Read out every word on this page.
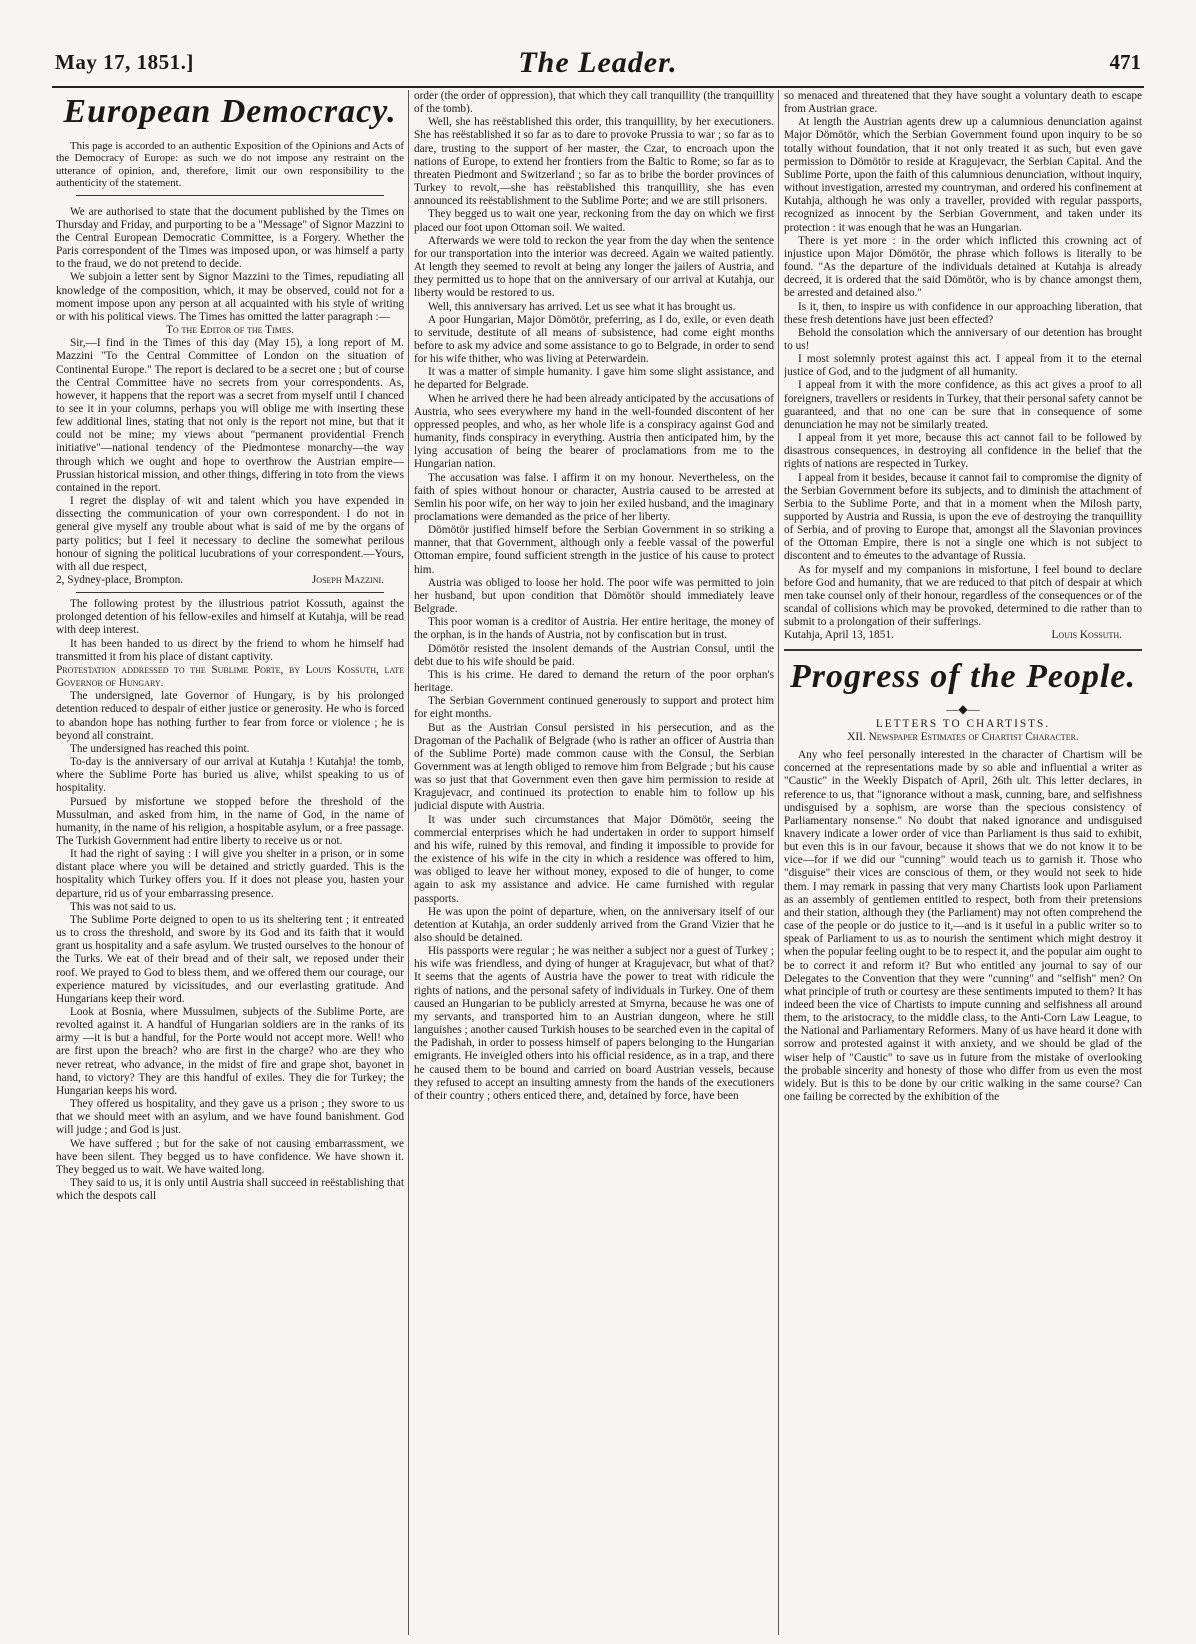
May 17, 1851.]	The Leader.	471
European Democracy.

This page is accorded to an authentic Exposition of the Opinions and Acts of the Democracy of Europe: as such we do not impose any restraint on the utterance of opinion, and, therefore, limit our own responsibility to the authenticity of the statement.

We are authorised to state that the document published by the Times on Thursday and Friday, and purporting to be a "Message" of Signor Mazzini to the Central European Democratic Committee, is a Forgery. Whether the Paris correspondent of the Times was imposed upon, or was himself a party to the fraud, we do not pretend to decide.

We subjoin a letter sent by Signor Mazzini to the Times, repudiating all knowledge of the composition, which, it may be observed, could not for a moment impose upon any person at all acquainted with his style of writing or with his political views. The Times has omitted the latter paragraph :—

To the Editor of the Times.

Sir,—I find in the Times of this day (May 15), a long report of M. Mazzini "To the Central Committee of London on the situation of Continental Europe." The report is declared to be a secret one ; but of course the Central Committee have no secrets from your correspondents. As, however, it happens that the report was a secret from myself until I chanced to see it in your columns, perhaps you will oblige me with inserting these few additional lines, stating that not only is the report not mine, but that it could not be mine; my views about "permanent providential French initiative"—national tendency of the Piedmontese monarchy—the way through which we ought and hope to overthrow the Austrian empire—Prussian historical mission, and other things, differing in toto from the views contained in the report.

I regret the display of wit and talent which you have expended in dissecting the communication of your own correspondent. I do not in general give myself any trouble about what is said of me by the organs of party politics; but I feel it necessary to decline the somewhat perilous honour of signing the political lucubrations of your correspondent.—Yours, with all due respect,

2, Sydney-place, Brompton.	Joseph Mazzini.

The following protest by the illustrious patriot Kossuth, against the prolonged detention of his fellow-exiles and himself at Kutahja, will be read with deep interest.

It has been handed to us direct by the friend to whom he himself had transmitted it from his place of distant captivity.

Protestation addressed to the Sublime Porte, by Louis Kossuth, late Governor of Hungary.

The undersigned, late Governor of Hungary, is by his prolonged detention reduced to despair of either justice or generosity. He who is forced to abandon hope has nothing further to fear from force or violence ; he is beyond all constraint.

The undersigned has reached this point.

To-day is the anniversary of our arrival at Kutahja ! Kutahja! the tomb, where the Sublime Porte has buried us alive, whilst speaking to us of hospitality.

Pursued by misfortune we stopped before the threshold of the Mussulman, and asked from him, in the name of God, in the name of humanity, in the name of his religion, a hospitable asylum, or a free passage. The Turkish Government had entire liberty to receive us or not.

It had the right of saying : I will give you shelter in a prison, or in some distant place where you will be detained and strictly guarded. This is the hospitality which Turkey offers you. If it does not please you, hasten your departure, rid us of your embarrassing presence.

This was not said to us.

The Sublime Porte deigned to open to us its sheltering tent ; it entreated us to cross the threshold, and swore by its God and its faith that it would grant us hospitality and a safe asylum. We trusted ourselves to the honour of the Turks. We eat of their bread and of their salt, we reposed under their roof. We prayed to God to bless them, and we offered them our courage, our experience matured by vicissitudes, and our everlasting gratitude. And Hungarians keep their word.

Look at Bosnia, where Mussulmen, subjects of the Sublime Porte, are revolted against it. A handful of Hungarian soldiers are in the ranks of its army —it is but a handful, for the Porte would not accept more. Well! who are first upon the breach? who are first in the charge? who are they who never retreat, who advance, in the midst of fire and grape shot, bayonet in hand, to victory? They are this handful of exiles. They die for Turkey; the Hungarian keeps his word.

They offered us hospitality, and they gave us a prison ; they swore to us that we should meet with an asylum, and we have found banishment. God will judge ; and God is just.

We have suffered ; but for the sake of not causing embarrassment, we have been silent. They begged us to have confidence. We have shown it. They begged us to wait. We have waited long.

They said to us, it is only until Austria shall succeed in reëstablishing that which the despots call

order (the order of oppression), that which they call tranquillity (the tranquillity of the tomb).

Well, she has reëstablished this order, this tranquillity, by her executioners. She has reëstablished it so far as to dare to provoke Prussia to war ; so far as to dare, trusting to the support of her master, the Czar, to encroach upon the nations of Europe, to extend her frontiers from the Baltic to Rome; so far as to threaten Piedmont and Switzerland ; so far as to bribe the border provinces of Turkey to revolt,—she has reëstablished this tranquillity, she has even announced its reëstablishment to the Sublime Porte; and we are still prisoners.

They begged us to wait one year, reckoning from the day on which we first placed our foot upon Ottoman soil. We waited.

Afterwards we were told to reckon the year from the day when the sentence for our transportation into the interior was decreed. Again we waited patiently. At length they seemed to revolt at being any longer the jailers of Austria, and they permitted us to hope that on the anniversary of our arrival at Kutahja, our liberty would be restored to us.

Well, this anniversary has arrived. Let us see what it has brought us.

A poor Hungarian, Major Dömötör, preferring, as I do, exile, or even death to servitude, destitute of all means of subsistence, had come eight months before to ask my advice and some assistance to go to Belgrade, in order to send for his wife thither, who was living at Peterwardein.

It was a matter of simple humanity. I gave him some slight assistance, and he departed for Belgrade.

When he arrived there he had been already anticipated by the accusations of Austria, who sees everywhere my hand in the well-founded discontent of her oppressed peoples, and who, as her whole life is a conspiracy against God and humanity, finds conspiracy in everything. Austria then anticipated him, by the lying accusation of being the bearer of proclamations from me to the Hungarian nation.

The accusation was false. I affirm it on my honour. Nevertheless, on the faith of spies without honour or character, Austria caused to be arrested at Semlin his poor wife, on her way to join her exiled husband, and the imaginary proclamations were demanded as the price of her liberty.

Dömötör justified himself before the Serbian Government in so striking a manner, that that Government, although only a feeble vassal of the powerful Ottoman empire, found sufficient strength in the justice of his cause to protect him.

Austria was obliged to loose her hold. The poor wife was permitted to join her husband, but upon condition that Dömötör should immediately leave Belgrade.

This poor woman is a creditor of Austria. Her entire heritage, the money of the orphan, is in the hands of Austria, not by confiscation but in trust.

Dömötör resisted the insolent demands of the Austrian Consul, until the debt due to his wife should be paid.

This is his crime. He dared to demand the return of the poor orphan's heritage.

The Serbian Government continued generously to support and protect him for eight months.

But as the Austrian Consul persisted in his persecution, and as the Dragoman of the Pachalik of Belgrade (who is rather an officer of Austria than of the Sublime Porte) made common cause with the Consul, the Serbian Government was at length obliged to remove him from Belgrade ; but his cause was so just that that Government even then gave him permission to reside at Kragujevacr, and continued its protection to enable him to follow up his judicial dispute with Austria.

It was under such circumstances that Major Dömötör, seeing the commercial enterprises which he had undertaken in order to support himself and his wife, ruined by this removal, and finding it impossible to provide for the existence of his wife in the city in which a residence was offered to him, was obliged to leave her without money, exposed to die of hunger, to come again to ask my assistance and advice. He came furnished with regular passports.

He was upon the point of departure, when, on the anniversary itself of our detention at Kutahja, an order suddenly arrived from the Grand Vizier that he also should be detained.

His passports were regular ; he was neither a subject nor a guest of Turkey ; his wife was friendless, and dying of hunger at Kragujevacr, but what of that? It seems that the agents of Austria have the power to treat with ridicule the rights of nations, and the personal safety of individuals in Turkey. One of them caused an Hungarian to be publicly arrested at Smyrna, because he was one of my servants, and transported him to an Austrian dungeon, where he still languishes ; another caused Turkish houses to be searched even in the capital of the Padishah, in order to possess himself of papers belonging to the Hungarian emigrants. He inveigled others into his official residence, as in a trap, and there he caused them to be bound and carried on board Austrian vessels, because they refused to accept an insulting amnesty from the hands of the executioners of their country ; others enticed there, and, detained by force, have been

so menaced and threatened that they have sought a voluntary death to escape from Austrian grace.

At length the Austrian agents drew up a calumnious denunciation against Major Dömötör, which the Serbian Government found upon inquiry to be so totally without foundation, that it not only treated it as such, but even gave permission to Dömötör to reside at Kragujevacr, the Serbian Capital. And the Sublime Porte, upon the faith of this calumnious denunciation, without inquiry, without investigation, arrested my countryman, and ordered his confinement at Kutahja, although he was only a traveller, provided with regular passports, recognized as innocent by the Serbian Government, and taken under its protection : it was enough that he was an Hungarian.

There is yet more : in the order which inflicted this crowning act of injustice upon Major Dömötör, the phrase which follows is literally to be found. "As the departure of the individuals detained at Kutahja is already decreed, it is ordered that the said Dömötör, who is by chance amongst them, be arrested and detained also."

Is it, then, to inspire us with confidence in our approaching liberation, that these fresh detentions have just been effected?

Behold the consolation which the anniversary of our detention has brought to us!

I most solemnly protest against this act. I appeal from it to the eternal justice of God, and to the judgment of all humanity.

I appeal from it with the more confidence, as this act gives a proof to all foreigners, travellers or residents in Turkey, that their personal safety cannot be guaranteed, and that no one can be sure that in consequence of some denunciation he may not be similarly treated.

I appeal from it yet more, because this act cannot fail to be followed by disastrous consequences, in destroying all confidence in the belief that the rights of nations are respected in Turkey.

I appeal from it besides, because it cannot fail to compromise the dignity of the Serbian Government before its subjects, and to diminish the attachment of Serbia to the Sublime Porte, and that in a moment when the Milosh party, supported by Austria and Russia, is upon the eve of destroying the tranquillity of Serbia, and of proving to Europe that, amongst all the Slavonian provinces of the Ottoman Empire, there is not a single one which is not subject to discontent and to émeutes to the advantage of Russia.

As for myself and my companions in misfortune, I feel bound to declare before God and humanity, that we are reduced to that pitch of despair at which men take counsel only of their honour, regardless of the consequences or of the scandal of collisions which may be provoked, determined to die rather than to submit to a prolongation of their sufferings.

Kutahja, April 13, 1851.	Louis Kossuth.
Progress of the People.
—◆—

LETTERS TO CHARTISTS.

XII. Newspaper Estimates of Chartist Character.

Any who feel personally interested in the character of Chartism will be concerned at the representations made by so able and influential a writer as "Caustic" in the Weekly Dispatch of April, 26th ult. This letter declares, in reference to us, that "ignorance without a mask, cunning, bare, and selfishness undisguised by a sophism, are worse than the specious consistency of Parliamentary nonsense." No doubt that naked ignorance and undisguised knavery indicate a lower order of vice than Parliament is thus said to exhibit, but even this is in our favour, because it shows that we do not know it to be vice—for if we did our "cunning" would teach us to garnish it. Those who "disguise" their vices are conscious of them, or they would not seek to hide them. I may remark in passing that very many Chartists look upon Parliament as an assembly of gentlemen entitled to respect, both from their pretensions and their station, although they (the Parliament) may not often comprehend the case of the people or do justice to it,—and is it useful in a public writer so to speak of Parliament to us as to nourish the sentiment which might destroy it when the popular feeling ought to be to respect it, and the popular aim ought to be to correct it and reform it? But who entitled any journal to say of our Delegates to the Convention that they were "cunning" and "selfish" men? On what principle of truth or courtesy are these sentiments imputed to them? It has indeed been the vice of Chartists to impute cunning and selfishness all around them, to the aristocracy, to the middle class, to the Anti-Corn Law League, to the National and Parliamentary Reformers. Many of us have heard it done with sorrow and protested against it with anxiety, and we should be glad of the wiser help of "Caustic" to save us in future from the mistake of overlooking the probable sincerity and honesty of those who differ from us even the most widely. But is this to be done by our critic walking in the same course? Can one failing be corrected by the exhibition of the
